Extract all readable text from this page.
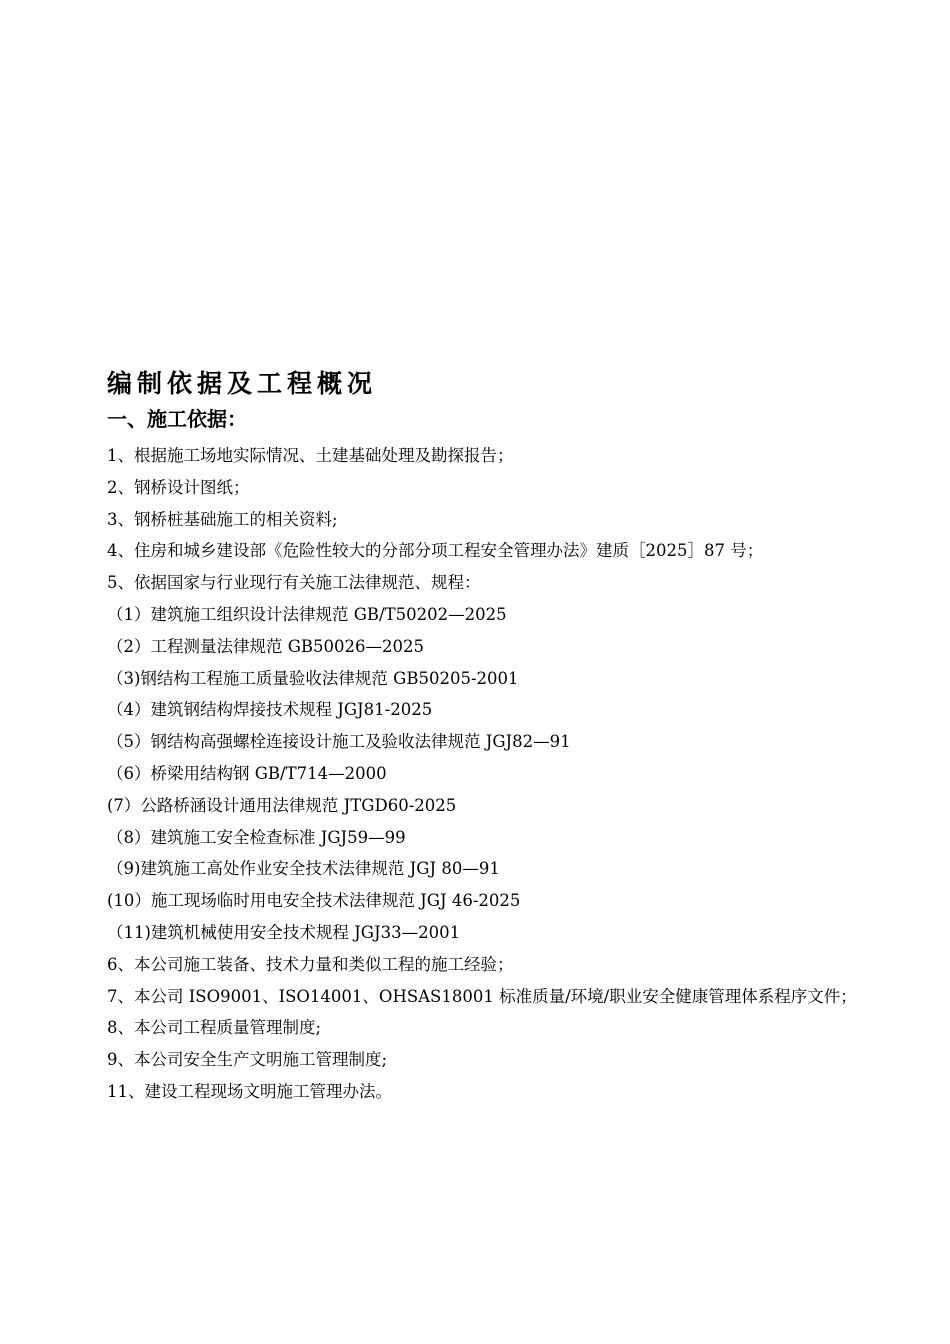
编制依据及工程概况
一、施工依据：

1、根据施工场地实际情况、土建基础处理及勘探报告；

2、钢桥设计图纸；

3、钢桥桩基础施工的相关资料;

4、住房和城乡建设部《危险性较大的分部分项工程安全管理办法》建质［2025］87 号；

5、依据国家与行业现行有关施工法律规范、规程：

（1）建筑施工组织设计法律规范 GB/T50202—2025

（2）工程测量法律规范 GB50026—2025

（3)钢结构工程施工质量验收法律规范 GB50205-2001

（4）建筑钢结构焊接技术规程 JGJ81-2025

（5）钢结构高强螺栓连接设计施工及验收法律规范 JGJ82—91

（6）桥梁用结构钢 GB/T714—2000

(7）公路桥涵设计通用法律规范 JTGD60-2025

（8）建筑施工安全检查标准 JGJ59—99

（9)建筑施工高处作业安全技术法律规范 JGJ 80—91

(10）施工现场临时用电安全技术法律规范 JGJ 46-2025

（11)建筑机械使用安全技术规程 JGJ33—2001

6、本公司施工装备、技术力量和类似工程的施工经验；

7、本公司 ISO9001、ISO14001、OHSAS18001 标准质量/环境/职业安全健康管理体系程序文件；

8、本公司工程质量管理制度;

9、本公司安全生产文明施工管理制度;

11、建设工程现场文明施工管理办法。
